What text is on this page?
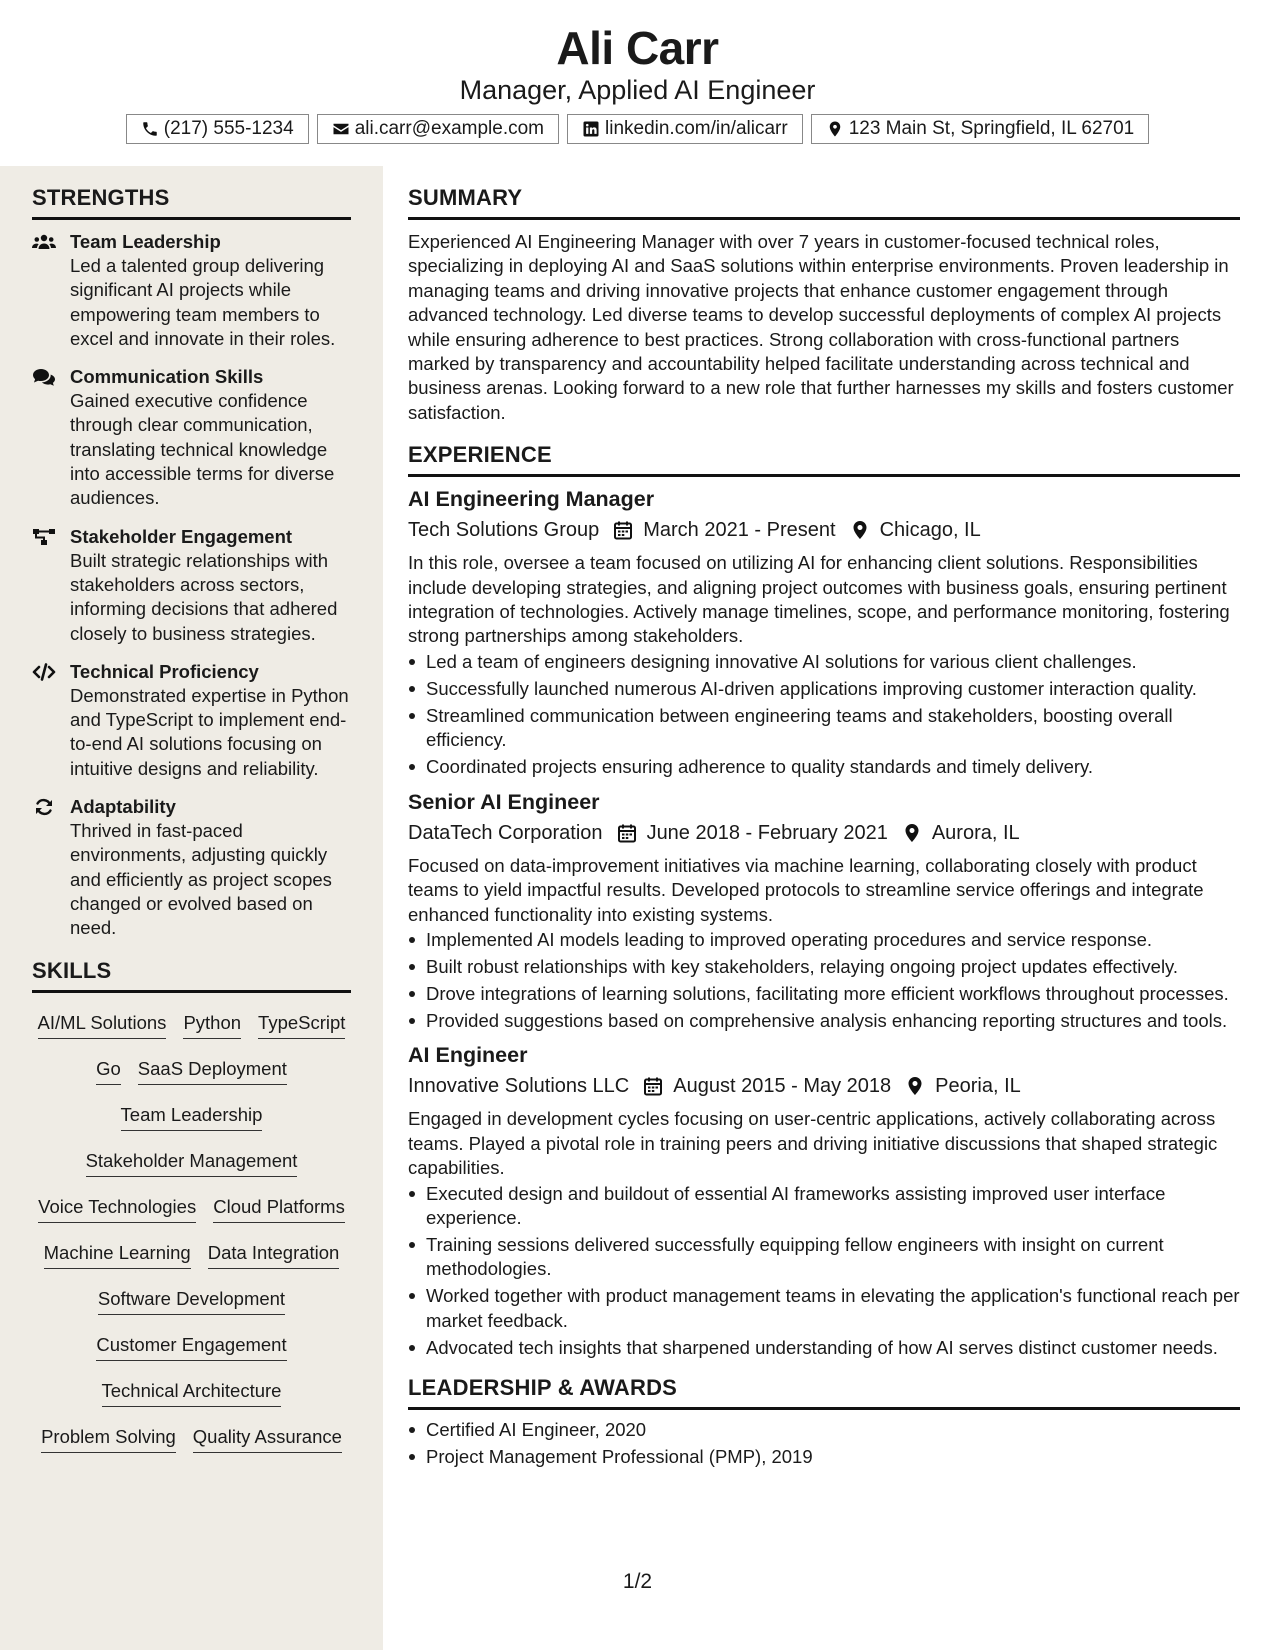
Ali Carr
Manager, Applied AI Engineer
(217) 555-1234	ali.carr@example.com	linkedin.com/in/alicarr	123 Main St, Springfield, IL 62701
STRENGTHS
Team Leadership
Led a talented group delivering significant AI projects while empowering team members to excel and innovate in their roles.
Communication Skills
Gained executive confidence through clear communication, translating technical knowledge into accessible terms for diverse audiences.
Stakeholder Engagement
Built strategic relationships with stakeholders across sectors, informing decisions that adhered closely to business strategies.
Technical Proficiency
Demonstrated expertise in Python and TypeScript to implement end-to-end AI solutions focusing on intuitive designs and reliability.
Adaptability
Thrived in fast-paced environments, adjusting quickly and efficiently as project scopes changed or evolved based on need.
SKILLS
AI/ML Solutions Python TypeScript
Go SaaS Deployment
Team Leadership
Stakeholder Management
Voice Technologies Cloud Platforms
Machine Learning Data Integration
Software Development
Customer Engagement
Technical Architecture
Problem Solving Quality Assurance
SUMMARY
Experienced AI Engineering Manager with over 7 years in customer-focused technical roles, specializing in deploying AI and SaaS solutions within enterprise environments. Proven leadership in managing teams and driving innovative projects that enhance customer engagement through advanced technology. Led diverse teams to develop successful deployments of complex AI projects while ensuring adherence to best practices. Strong collaboration with cross-functional partners marked by transparency and accountability helped facilitate understanding across technical and business arenas. Looking forward to a new role that further harnesses my skills and fosters customer satisfaction.
EXPERIENCE
AI Engineering Manager
Tech Solutions Group March 2021 - Present Chicago, IL
In this role, oversee a team focused on utilizing AI for enhancing client solutions. Responsibilities include developing strategies, and aligning project outcomes with business goals, ensuring pertinent integration of technologies. Actively manage timelines, scope, and performance monitoring, fostering strong partnerships among stakeholders.
Led a team of engineers designing innovative AI solutions for various client challenges.
Successfully launched numerous AI-driven applications improving customer interaction quality.
Streamlined communication between engineering teams and stakeholders, boosting overall efficiency.
Coordinated projects ensuring adherence to quality standards and timely delivery.
Senior AI Engineer
DataTech Corporation June 2018 - February 2021 Aurora, IL
Focused on data-improvement initiatives via machine learning, collaborating closely with product teams to yield impactful results. Developed protocols to streamline service offerings and integrate enhanced functionality into existing systems.
Implemented AI models leading to improved operating procedures and service response.
Built robust relationships with key stakeholders, relaying ongoing project updates effectively.
Drove integrations of learning solutions, facilitating more efficient workflows throughout processes.
Provided suggestions based on comprehensive analysis enhancing reporting structures and tools.
AI Engineer
Innovative Solutions LLC August 2015 - May 2018 Peoria, IL
Engaged in development cycles focusing on user-centric applications, actively collaborating across teams. Played a pivotal role in training peers and driving initiative discussions that shaped strategic capabilities.
Executed design and buildout of essential AI frameworks assisting improved user interface experience.
Training sessions delivered successfully equipping fellow engineers with insight on current methodologies.
Worked together with product management teams in elevating the application's functional reach per market feedback.
Advocated tech insights that sharpened understanding of how AI serves distinct customer needs.
LEADERSHIP & AWARDS
Certified AI Engineer, 2020
Project Management Professional (PMP), 2019
1/2
